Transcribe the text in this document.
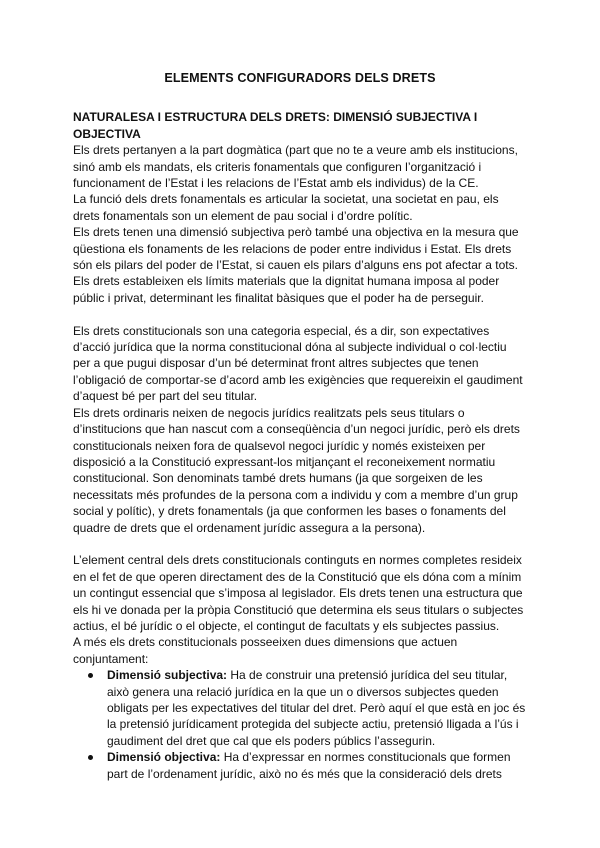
ELEMENTS CONFIGURADORS DELS DRETS
NATURALESA I ESTRUCTURA DELS DRETS: DIMENSIÓ SUBJECTIVA I OBJECTIVA

Els drets pertanyen a la part dogmàtica (part que no te a veure amb els institucions, sinó amb els mandats, els criteris fonamentals que configuren l’organització i funcionament de l’Estat i les relacions de l’Estat amb els individus) de la CE.

La funció dels drets fonamentals es articular la societat, una societat en pau, els drets fonamentals son un element de pau social i d’ordre polític.

Els drets tenen una dimensió subjectiva però també una objectiva en la mesura que qüestiona els fonaments de les relacions de poder entre individus i Estat. Els drets són els pilars del poder de l’Estat, si cauen els pilars d’alguns ens pot afectar a tots. Els drets estableixen els límits materials que la dignitat humana imposa al poder públic i privat, determinant les finalitat bàsiques que el poder ha de perseguir.

Els drets constitucionals son una categoria especial, és a dir, son expectatives d’acció jurídica que la norma constitucional dóna al subjecte individual o col·lectiu per a que pugui disposar d’un bé determinat front altres subjectes que tenen l’obligació de comportar-se d’acord amb les exigències que requereixin el gaudiment d’aquest bé per part del seu titular.

Els drets ordinaris neixen de negocis jurídics realitzats pels seus titulars o d’institucions que han nascut com a conseqüència d’un negoci jurídic, però els drets constitucionals neixen fora de qualsevol negoci jurídic y només existeixen per disposició a la Constitució expressant-los mitjançant el reconeixement normatiu constitucional. Son denominats també drets humans (ja que sorgeixen de les necessitats més profundes de la persona com a individu y com a membre d’un grup social y polític), y drets fonamentals (ja que conformen les bases o fonaments del quadre de drets que el ordenament jurídic assegura a la persona).

L’element central dels drets constitucionals continguts en normes completes resideix en el fet de que operen directament des de la Constitució que els dóna com a mínim un contingut essencial que s’imposa al legislador. Els drets tenen una estructura que els hi ve donada per la pròpia Constitució que determina els seus titulars o subjectes actius, el bé jurídic o el objecte, el contingut de facultats y els subjectes passius.

A més els drets constitucionals posseeixen dues dimensions que actuen conjuntament:

Dimensió subjectiva: Ha de construir una pretensió jurídica del seu titular, això genera una relació jurídica en la que un o diversos subjectes queden obligats per les expectatives del titular del dret. Però aquí el que està en joc és la pretensió jurídicament protegida del subjecte actiu, pretensió lligada a l’ús i gaudiment del dret que cal que els poders públics l’assegurin.
Dimensió objectiva: Ha d’expressar en normes constitucionals que formen part de l’ordenament jurídic, això no és més que la consideració dels drets
